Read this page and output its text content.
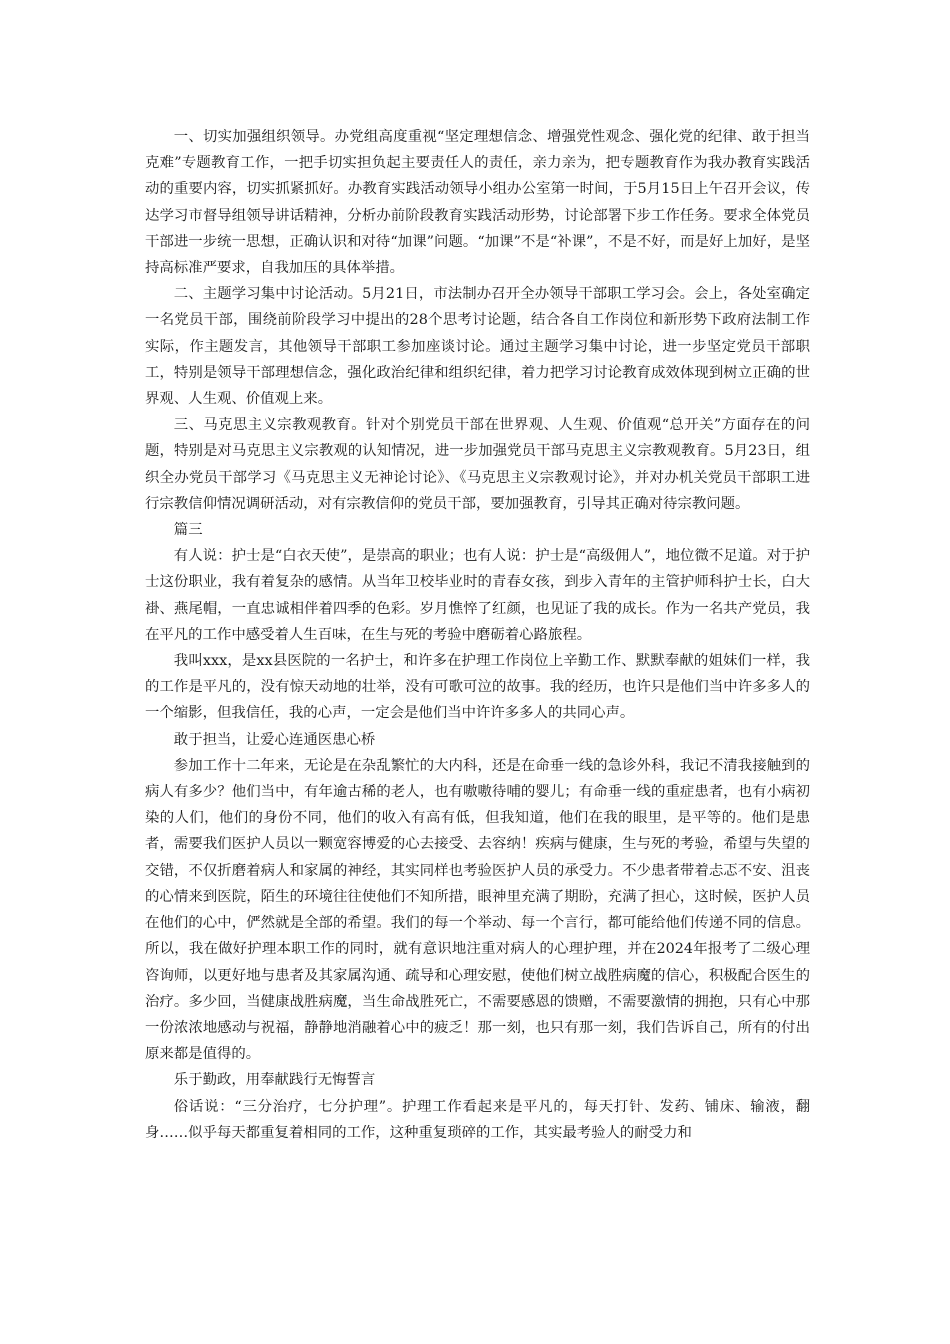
一、切实加强组织领导。办党组高度重视“坚定理想信念、增强党性观念、强化党的纪律、敢于担当克难”专题教育工作，一把手切实担负起主要责任人的责任，亲力亲为，把专题教育作为我办教育实践活动的重要内容，切实抓紧抓好。办教育实践活动领导小组办公室第一时间，于5月15日上午召开会议，传达学习市督导组领导讲话精神，分析办前阶段教育实践活动形势，讨论部署下步工作任务。要求全体党员干部进一步统一思想，正确认识和对待“加课”问题。“加课”不是“补课”，不是不好，而是好上加好，是坚持高标准严要求，自我加压的具体举措。

二、主题学习集中讨论活动。5月21日，市法制办召开全办领导干部职工学习会。会上，各处室确定一名党员干部，围绕前阶段学习中提出的28个思考讨论题，结合各自工作岗位和新形势下政府法制工作实际，作主题发言，其他领导干部职工参加座谈讨论。通过主题学习集中讨论，进一步坚定党员干部职工，特别是领导干部理想信念，强化政治纪律和组织纪律，着力把学习讨论教育成效体现到树立正确的世界观、人生观、价值观上来。

三、马克思主义宗教观教育。针对个别党员干部在世界观、人生观、价值观“总开关”方面存在的问题，特别是对马克思主义宗教观的认知情况，进一步加强党员干部马克思主义宗教观教育。5月23日，组织全办党员干部学习《马克思主义无神论讨论》、《马克思主义宗教观讨论》，并对办机关党员干部职工进行宗教信仰情况调研活动，对有宗教信仰的党员干部，要加强教育，引导其正确对待宗教问题。

篇三

有人说：护士是“白衣天使”，是崇高的职业；也有人说：护士是“高级佣人”，地位微不足道。对于护士这份职业，我有着复杂的感情。从当年卫校毕业时的青春女孩，到步入青年的主管护师科护士长，白大褂、燕尾帽，一直忠诚相伴着四季的色彩。岁月憔悴了红颜，也见证了我的成长。作为一名共产党员，我在平凡的工作中感受着人生百味，在生与死的考验中磨砺着心路旅程。

我叫xxx，是xx县医院的一名护士，和许多在护理工作岗位上辛勤工作、默默奉献的姐妹们一样，我的工作是平凡的，没有惊天动地的壮举，没有可歌可泣的故事。我的经历，也许只是他们当中许多多人的一个缩影，但我信任，我的心声，一定会是他们当中许许多多人的共同心声。

敢于担当，让爱心连通医患心桥

参加工作十二年来，无论是在杂乱繁忙的大内科，还是在命垂一线的急诊外科，我记不清我接触到的病人有多少？他们当中，有年逾古稀的老人，也有嗷嗷待哺的婴儿；有命垂一线的重症患者，也有小病初染的人们，他们的身份不同，他们的收入有高有低，但我知道，他们在我的眼里，是平等的。他们是患者，需要我们医护人员以一颗宽容博爱的心去接受、去容纳！疾病与健康，生与死的考验，希望与失望的交错，不仅折磨着病人和家属的神经，其实同样也考验医护人员的承受力。不少患者带着忐忑不安、沮丧的心情来到医院，陌生的环境往往使他们不知所措，眼神里充满了期盼，充满了担心，这时候，医护人员在他们的心中，俨然就是全部的希望。我们的每一个举动、每一个言行，都可能给他们传递不同的信息。所以，我在做好护理本职工作的同时，就有意识地注重对病人的心理护理，并在2024年报考了二级心理咨询师，以更好地与患者及其家属沟通、疏导和心理安慰，使他们树立战胜病魔的信心，积极配合医生的治疗。多少回，当健康战胜病魔，当生命战胜死亡，不需要感恩的馈赠，不需要激情的拥抱，只有心中那一份浓浓地感动与祝福，静静地消融着心中的疲乏！那一刻，也只有那一刻，我们告诉自己，所有的付出原来都是值得的。

乐于勤政，用奉献践行无悔誓言

俗话说：“三分治疗，七分护理”。护理工作看起来是平凡的，每天打针、发药、铺床、输液，翻身……似乎每天都重复着相同的工作，这种重复琐碎的工作，其实最考验人的耐受力和
